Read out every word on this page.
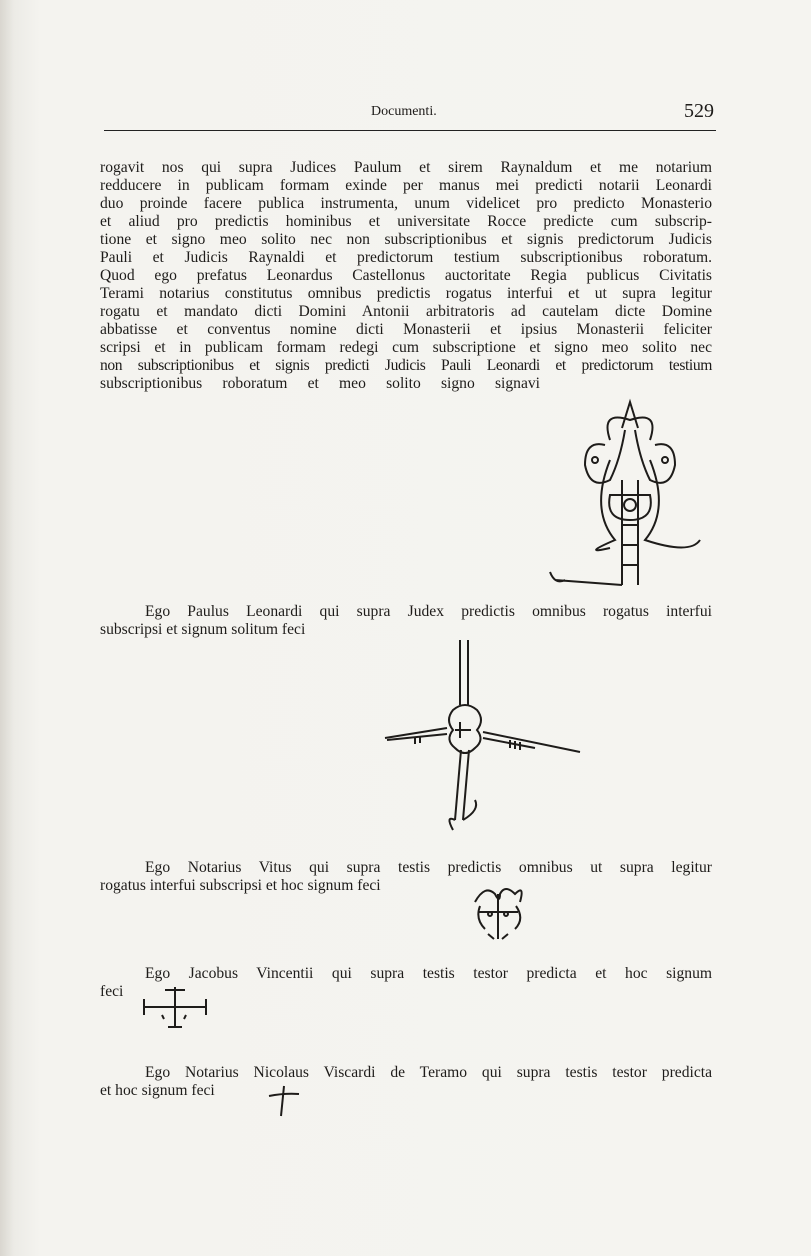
Documenti.	529
rogavit nos qui supra Judices Paulum et sirem Raynaldum et me notarium
redducere in publicam formam exinde per manus mei predicti notarii Leonardi
duo proinde facere publica instrumenta, unum videlicet pro predicto Monasterio
et aliud pro predictis hominibus et universitate Rocce predicte cum subscrip-
tione et signo meo solito nec non subscriptionibus et signis predictorum Judicis
Pauli et Judicis Raynaldi et predictorum testium subscriptionibus roboratum.
Quod ego prefatus Leonardus Castellonus auctoritate Regia publicus Civitatis
Terami notarius constitutus omnibus predictis rogatus interfui et ut supra legitur
rogatu et mandato dicti Domini Antonii arbitratoris ad cautelam dicte Domine
abbatisse et conventus nomine dicti Monasterii et ipsius Monasterii feliciter
scripsi et in publicam formam redegi cum subscriptione et signo meo solito nec
non subscriptionibus et signis predicti Judicis Pauli Leonardi et predictorum testium
subscriptionibus roboratum et meo solito signo signavi
Ego Paulus Leonardi qui supra Judex predictis omnibus rogatus interfui
subscripsi et signum solitum feci
Ego Notarius Vitus qui supra testis predictis omnibus ut supra legitur
rogatus interfui subscripsi et hoc signum feci
Ego Jacobus Vincentii qui supra testis testor predicta et hoc signum
feci
Ego Notarius Nicolaus Viscardi de Teramo qui supra testis testor predicta
et hoc signum feci
